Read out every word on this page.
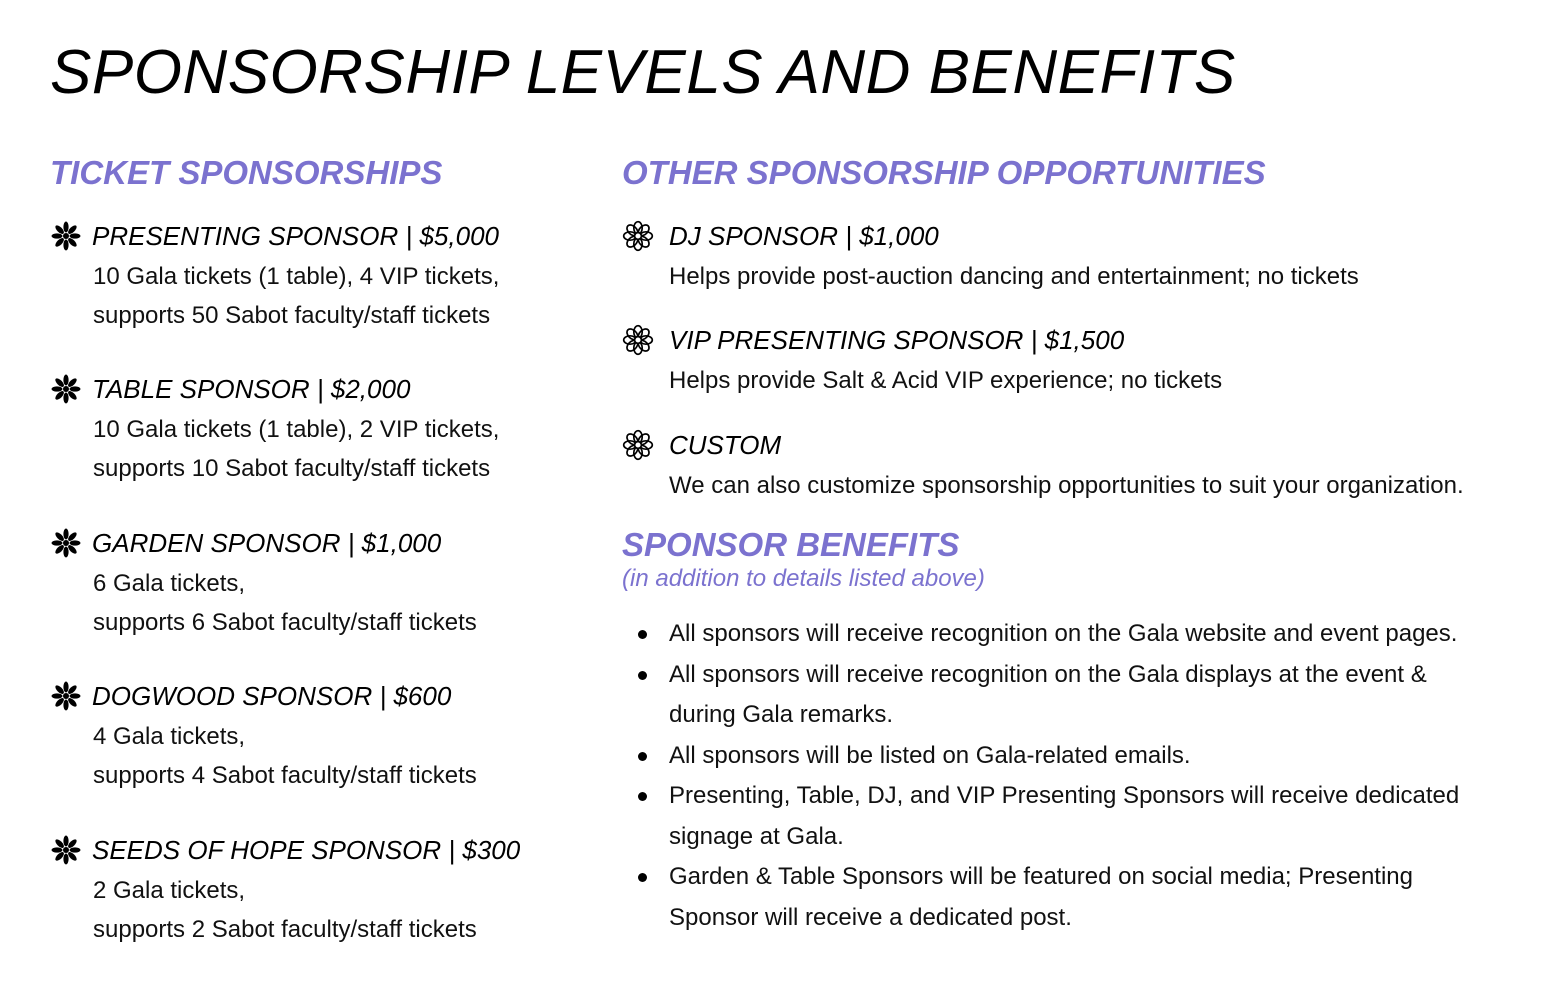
SPONSORSHIP LEVELS AND BENEFITS
TICKET SPONSORSHIPS
PRESENTING SPONSOR | $5,000
10 Gala tickets (1 table), 4 VIP tickets,
supports 50 Sabot faculty/staff tickets
TABLE SPONSOR | $2,000
10 Gala tickets (1 table), 2 VIP tickets,
supports 10 Sabot faculty/staff tickets
GARDEN SPONSOR | $1,000
6 Gala tickets,
supports 6 Sabot faculty/staff tickets
DOGWOOD SPONSOR | $600
4 Gala tickets,
supports 4 Sabot faculty/staff tickets
SEEDS OF HOPE SPONSOR | $300
2 Gala tickets,
supports 2 Sabot faculty/staff tickets
OTHER SPONSORSHIP OPPORTUNITIES
DJ SPONSOR | $1,000
Helps provide post-auction dancing and entertainment; no tickets
VIP PRESENTING SPONSOR | $1,500
Helps provide Salt & Acid VIP experience; no tickets
CUSTOM
We can also customize sponsorship opportunities to suit your organization.
SPONSOR BENEFITS
(in addition to details listed above)
All sponsors will receive recognition on the Gala website and event pages.
All sponsors will receive recognition on the Gala displays at the event &
during Gala remarks.
All sponsors will be listed on Gala-related emails.
Presenting, Table, DJ, and VIP Presenting Sponsors will receive dedicated
signage at Gala.
Garden & Table Sponsors will be featured on social media; Presenting
Sponsor will receive a dedicated post.
